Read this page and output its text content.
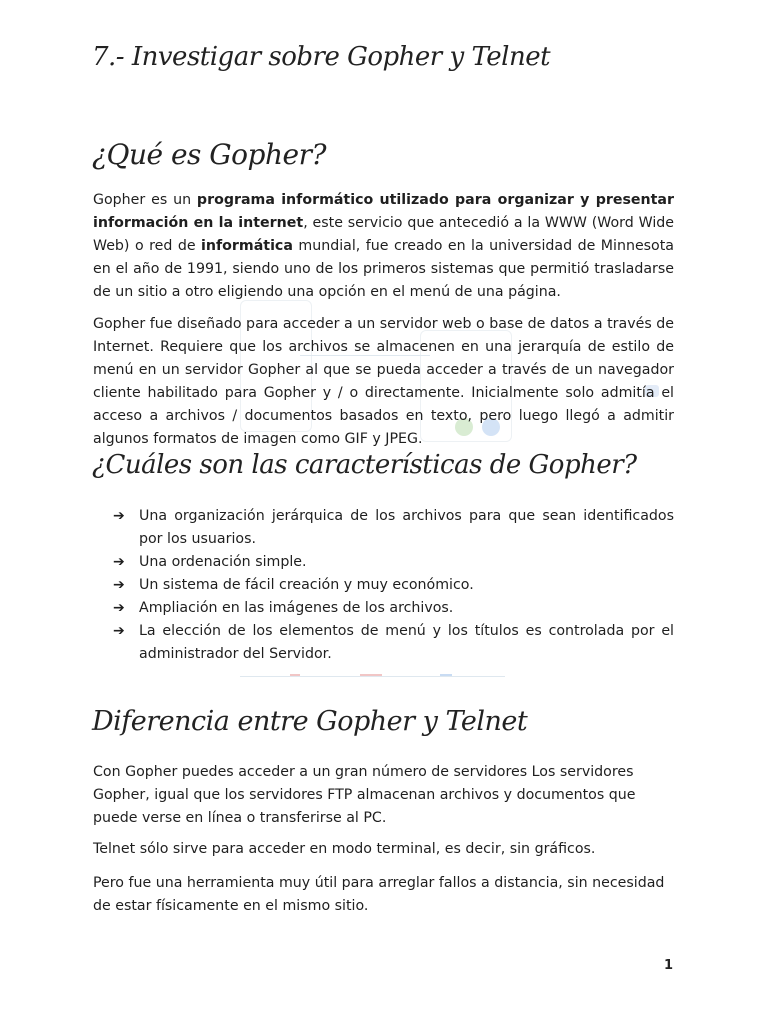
7.- Investigar sobre Gopher y Telnet
¿Qué es Gopher?

Gopher es un programa informático utilizado para organizar y presentar información en la internet, este servicio que antecedió a la WWW (Word Wide Web) o red de informática mundial, fue creado en la universidad de Minnesota en el año de 1991, siendo uno de los primeros sistemas que permitió trasladarse de un sitio a otro eligiendo una opción en el menú de una página.

Gopher fue diseñado para acceder a un servidor web o base de datos a través de Internet. Requiere que los archivos se almacenen en una jerarquía de estilo de menú en un servidor Gopher al que se pueda acceder a través de un navegador cliente habilitado para Gopher y / o directamente. Inicialmente solo admitía el acceso a archivos / documentos basados en texto, pero luego llegó a admitir algunos formatos de imagen como GIF y JPEG.

¿Cuáles son las características de Gopher?
➔ Una organización jerárquica de los archivos para que sean identificados por los usuarios.
➔ Una ordenación simple.
➔ Un sistema de fácil creación y muy económico.
➔ Ampliación en las imágenes de los archivos.
➔ La elección de los elementos de menú y los títulos es controlada por el administrador del Servidor.
Diferencia entre Gopher y Telnet

Con Gopher puedes acceder a un gran número de servidores Los servidores Gopher, igual que los servidores FTP almacenan archivos y documentos que puede verse en línea o transferirse al PC.

Telnet sólo sirve para acceder en modo terminal, es decir, sin gráficos.

Pero fue una herramienta muy útil para arreglar fallos a distancia, sin necesidad de estar físicamente en el mismo sitio.

1
